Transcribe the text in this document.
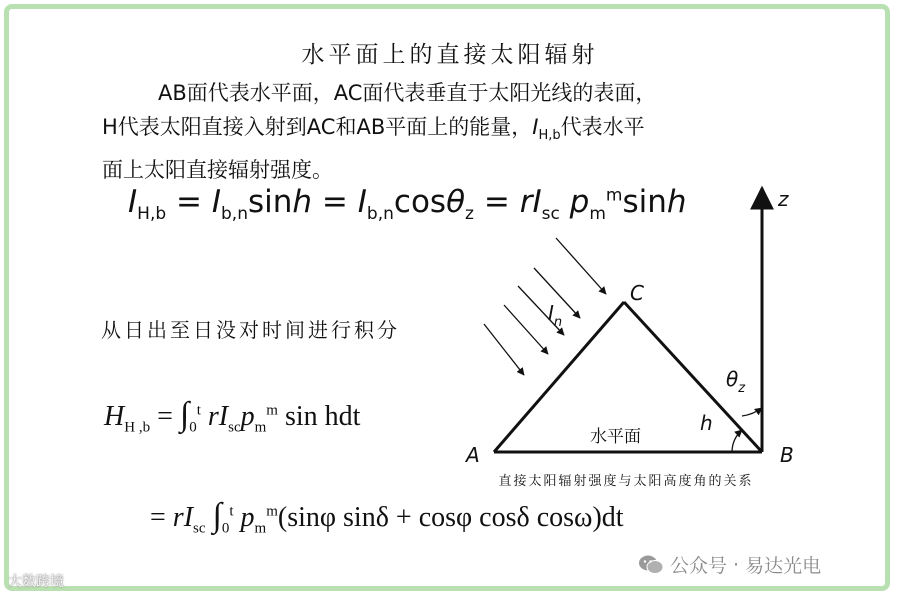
水平面上的直接太阳辐射
AB面代表水平面，AC面代表垂直于太阳光线的表面，
H代表太阳直接入射到AC和AB平面上的能量，$I_{H,b}$代表水平
面上太阳直接辐射强度。
$I_{H,b} = I_{b,n}\sinh = I_{b,n}\cos\theta_z = rI_{sc}$ $p_m^m\sinh$
从日出至日没对时间进行积分
$H_{H ,b} = \int_0^t$ $rI_{sc}p_m^m$ sin hdt
= $rI_{sc}$ $\int_0^t$ $p_m^m(\sin\varphi$ sinδ + cosφ cosδ cosω)dt
A	B
C
z
$I_n$
h
$\theta_z$
水平面
直接太阳辐射强度与太阳高度角的关系
大数跨境
公众号 · 易达光电
